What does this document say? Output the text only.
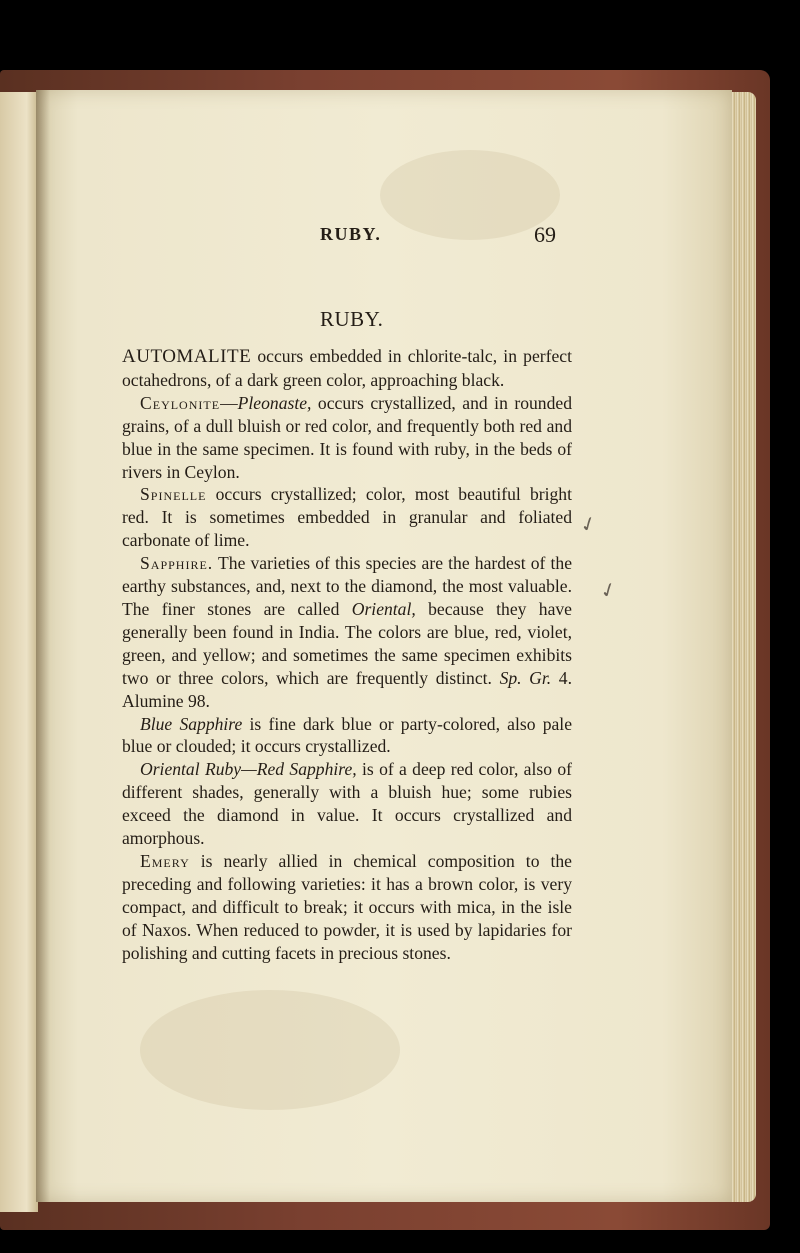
RUBY.	69
RUBY.

AUTOMALITE occurs embedded in chlorite-talc, in perfect octahedrons, of a dark green color, approaching black.

Ceylonite—Pleonaste, occurs crystallized, and in rounded grains, of a dull bluish or red color, and frequently both red and blue in the same specimen. It is found with ruby, in the beds of rivers in Ceylon.

Spinelle occurs crystallized; color, most beautiful bright red. It is sometimes embedded in granular and foliated carbonate of lime.

Sapphire. The varieties of this species are the hardest of the earthy substances, and, next to the diamond, the most valuable. The finer stones are called Oriental, because they have generally been found in India. The colors are blue, red, violet, green, and yellow; and sometimes the same specimen exhibits two or three colors, which are frequently distinct. Sp. Gr. 4. Alumine 98.

Blue Sapphire is fine dark blue or party-colored, also pale blue or clouded; it occurs crystallized.

Oriental Ruby—Red Sapphire, is of a deep red color, also of different shades, generally with a bluish hue; some rubies exceed the diamond in value. It occurs crystallized and amorphous.

Emery is nearly allied in chemical composition to the preceding and following varieties: it has a brown color, is very compact, and difficult to break; it occurs with mica, in the isle of Naxos. When reduced to powder, it is used by lapidaries for polishing and cutting facets in precious stones.

✓
✓
